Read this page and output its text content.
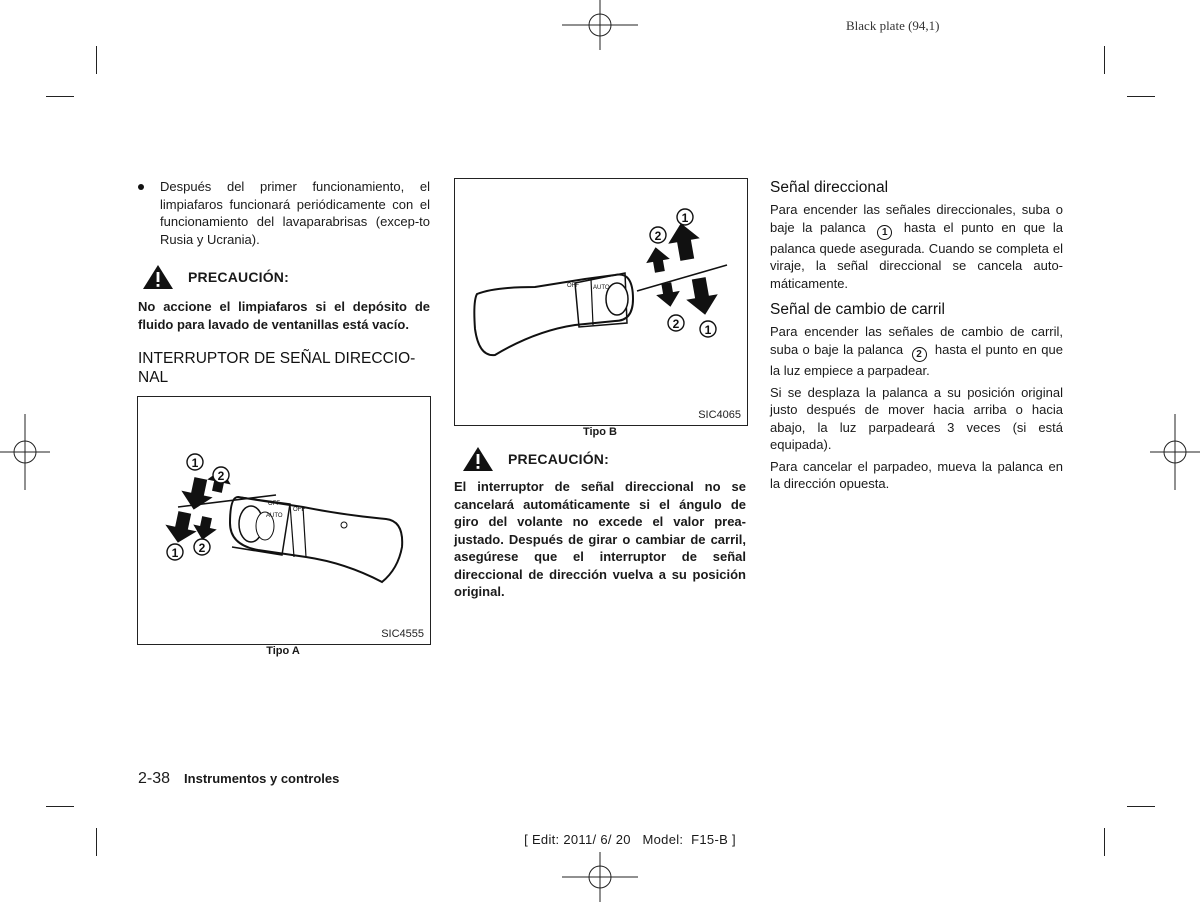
Black plate (94,1)

Después del primer funcionamiento, el limpiafaros funcionará periódicamente con el funcionamiento del lavaparabrisas (excep-to Rusia y Ucrania).

PRECAUCIÓN:

No accione el limpiafaros si el depósito de fluido para lavado de ventanillas está vacío.

INTERRUPTOR DE SEÑAL DIRECCIO-
NAL
OFF
AUTO
OFF
1
2
1 2
SIC4555
Tipo A
OFF AUTO
1
2
2 1
SIC4065
Tipo B
PRECAUCIÓN:

El interruptor de señal direccional no se cancelará automáticamente si el ángulo de giro del volante no excede el valor prea-justado. Después de girar o cambiar de carril, asegúrese que el interruptor de señal direccional de dirección vuelva a su posición original.

Señal direccional

Para encender las señales direccionales, suba o baje la palanca 1 hasta el punto en que la palanca quede asegurada. Cuando se completa el viraje, la señal direccional se cancela auto-máticamente.

Señal de cambio de carril

Para encender las señales de cambio de carril, suba o baje la palanca 2 hasta el punto en que la luz empiece a parpadear.

Si se desplaza la palanca a su posición original justo después de mover hacia arriba o hacia abajo, la luz parpadeará 3 veces (si está equipada).

Para cancelar el parpadeo, mueva la palanca en la dirección opuesta.

2-38 Instrumentos y controles
[ Edit: 2011/ 6/ 20   Model:  F15-B ]
